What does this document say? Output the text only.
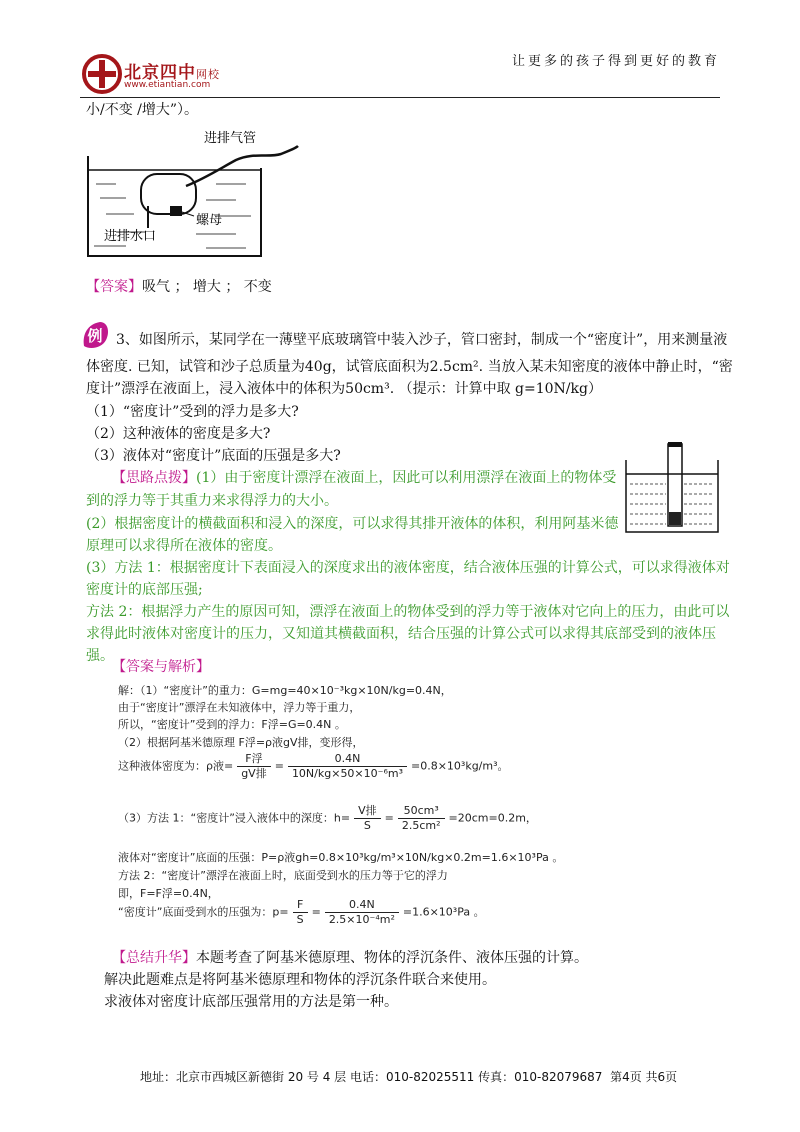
北京四中网校
www.etiantian.com
让更多的孩子得到更好的教育
小/不变 /增大”）。
进排气管
进排水口
螺母
【答案】吸气 ； 增大 ； 不变
例 3、如图所示，某同学在一薄壁平底玻璃管中装入沙子，管口密封，制成一个“密度计”，用来测量液
体密度. 已知，试管和沙子总质量为40g，试管底面积为2.5cm². 当放入某未知密度的液体中静止时，“密
度计”漂浮在液面上，浸入液体中的体积为50cm³. （提示：计算中取 g=10N/kg）
（1）“密度计”受到的浮力是多大?
（2）这种液体的密度是多大?
（3）液体对“密度计”底面的压强是多大?
【思路点拨】(1）由于密度计漂浮在液面上，因此可以利用漂浮在液面上的物体受
到的浮力等于其重力来求得浮力的大小。
(2）根据密度计的横截面积和浸入的深度，可以求得其排开液体的体积，利用阿基米德
原理可以求得所在液体的密度。
(3）方法 1：根据密度计下表面浸入的深度求出的液体密度，结合液体压强的计算公式，可以求得液体对
密度计的底部压强;
方法 2：根据浮力产生的原因可知，漂浮在液面上的物体受到的浮力等于液体对它向上的压力，由此可以
求得此时液体对密度计的压力，又知道其横截面积，结合压强的计算公式可以求得其底部受到的液体压
强。
【答案与解析】
解：（1）“密度计”的重力：G=mg=40×10⁻³kg×10N/kg=0.4N，
由于“密度计”漂浮在未知液体中，浮力等于重力，
所以，“密度计”受到的浮力：F浮=G=0.4N 。
（2）根据阿基米德原理 F浮=ρ液gV排，变形得，
这种液体密度为：ρ液= $\frac{\text{F浮}}{\text{gV排}} = \frac{0.4N}{\text{10N/kg×50×10⁻⁶m³}} =0.8\times 10^3kg/m^3$。
（3）方法 1：“密度计”浸入液体中的深度：$h= \frac{\text{V排}}{S} = \frac{\text{50cm³}}{\text{2.5cm²}} =20cm=0.2m$，
液体对“密度计”底面的压强：P=ρ液gh=0.8×10³kg/m³×10N/kg×0.2m=1.6×10³Pa 。
方法 2：“密度计”漂浮在液面上时，底面受到水的压力等于它的浮力
即，F=F浮=0.4N，
“密度计”底面受到水的压强为：$p= \frac{F}{S} = \frac{0.4N}{\text{2.5×10⁻⁴m²}} =1.6\times 10^3Pa$ 。
【总结升华】本题考查了阿基米德原理、物体的浮沉条件、液体压强的计算。
解决此题难点是将阿基米德原理和物体的浮沉条件联合来使用。
求液体对密度计底部压强常用的方法是第一种。
地址：北京市西城区新德街 20 号 4 层 电话：010-82025511 传真：010-82079687 第4页 共6页
